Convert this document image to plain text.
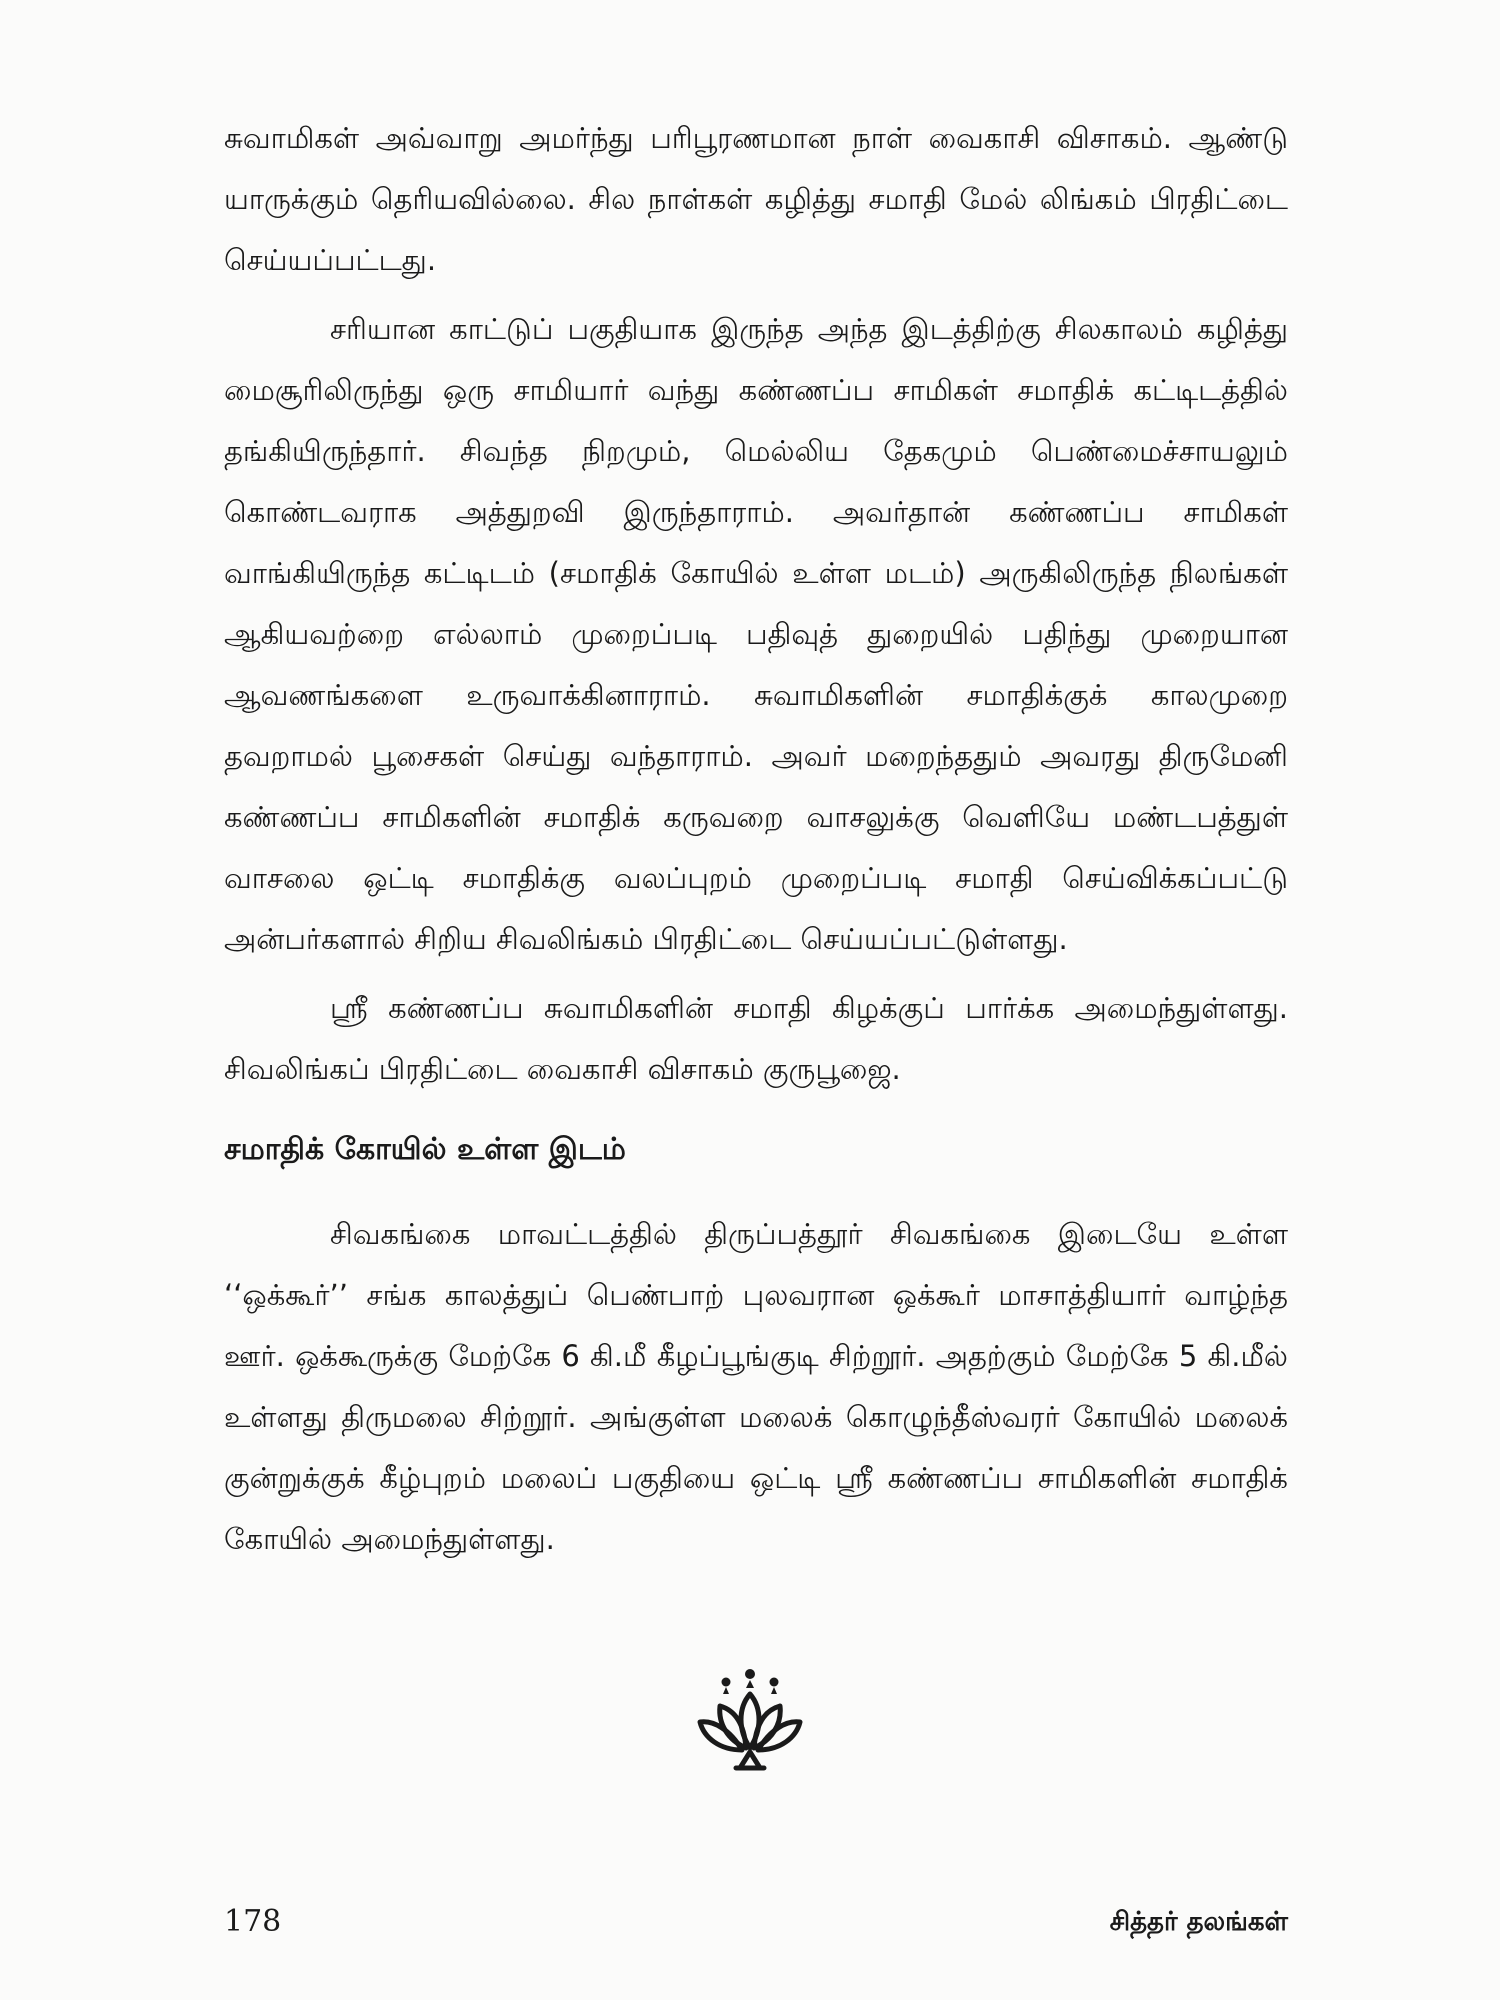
சுவாமிகள் அவ்வாறு அமர்ந்து பரிபூரணமான நாள் வைகாசி விசாகம். ஆண்டு யாருக்கும் தெரியவில்லை. சில நாள்கள் கழித்து சமாதி மேல் லிங்கம் பிரதிட்டை செய்யப்பட்டது.

சரியான காட்டுப் பகுதியாக இருந்த அந்த இடத்திற்கு சிலகாலம் கழித்து மைசூரிலிருந்து ஒரு சாமியார் வந்து கண்ணப்ப சாமிகள் சமாதிக் கட்டிடத்தில் தங்கியிருந்தார். சிவந்த நிறமும், மெல்லிய தேகமும் பெண்மைச்சாயலும் கொண்டவராக அத்துறவி இருந்தாராம். அவர்தான் கண்ணப்ப சாமிகள் வாங்கியிருந்த கட்டிடம் (சமாதிக் கோயில் உள்ள மடம்) அருகிலிருந்த நிலங்கள் ஆகியவற்றை எல்லாம் முறைப்படி பதிவுத் துறையில் பதிந்து முறையான ஆவணங்களை உருவாக்கினாராம். சுவாமிகளின் சமாதிக்குக் காலமுறை தவறாமல் பூசைகள் செய்து வந்தாராம். அவர் மறைந்ததும் அவரது திருமேனி கண்ணப்ப சாமிகளின் சமாதிக் கருவறை வாசலுக்கு வெளியே மண்டபத்துள் வாசலை ஒட்டி சமாதிக்கு வலப்புறம் முறைப்படி சமாதி செய்விக்கப்பட்டு அன்பர்களால் சிறிய சிவலிங்கம் பிரதிட்டை செய்யப்பட்டுள்ளது.

ஸ்ரீ கண்ணப்ப சுவாமிகளின் சமாதி கிழக்குப் பார்க்க அமைந்துள்ளது. சிவலிங்கப் பிரதிட்டை வைகாசி விசாகம் குருபூஜை.

சமாதிக் கோயில் உள்ள இடம்

சிவகங்கை மாவட்டத்தில் திருப்பத்தூர் சிவகங்கை இடையே உள்ள ‘‘ஒக்கூர்’’ சங்க காலத்துப் பெண்பாற் புலவரான ஒக்கூர் மாசாத்தியார் வாழ்ந்த ஊர். ஒக்கூருக்கு மேற்கே 6 கி.மீ கீழப்பூங்குடி சிற்றூர். அதற்கும் மேற்கே 5 கி.மீல் உள்ளது திருமலை சிற்றூர். அங்குள்ள மலைக் கொழுந்தீஸ்வரர் கோயில் மலைக் குன்றுக்குக் கீழ்புறம் மலைப் பகுதியை ஒட்டி ஸ்ரீ கண்ணப்ப சாமிகளின் சமாதிக் கோயில் அமைந்துள்ளது.

178	சித்தர் தலங்கள்
